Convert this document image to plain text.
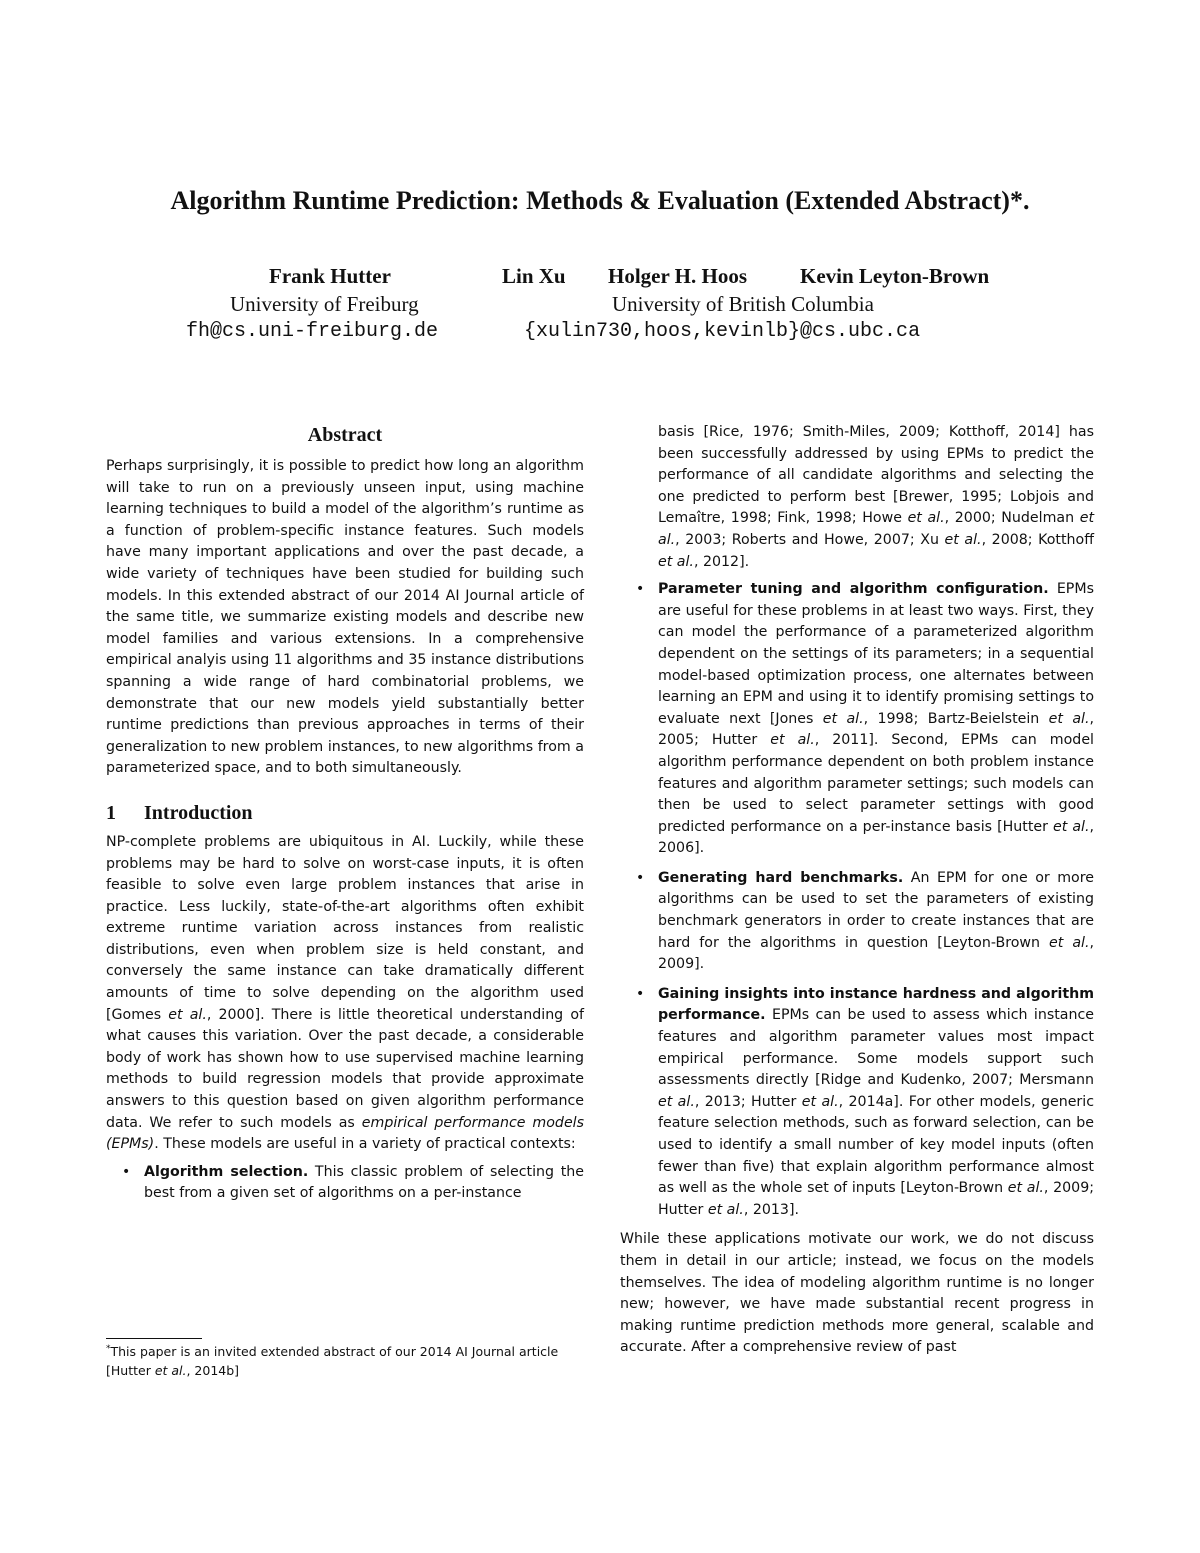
Algorithm Runtime Prediction: Methods & Evaluation (Extended Abstract)*.
Frank Hutter	Lin Xu Holger H. Hoos	Kevin Leyton-Brown
University of Freiburg	University of British Columbia
fh@cs.uni-freiburg.de	{xulin730,hoos,kevinlb}@cs.ubc.ca
Abstract

Perhaps surprisingly, it is possible to predict how long an algorithm will take to run on a previously unseen input, using machine learning techniques to build a model of the algorithm’s runtime as a function of problem-specific instance features. Such models have many important applications and over the past decade, a wide variety of techniques have been studied for building such models. In this extended abstract of our 2014 AI Journal article of the same title, we summarize existing models and describe new model families and various extensions. In a comprehensive empirical analyis using 11 algorithms and 35 instance distributions spanning a wide range of hard combinatorial problems, we demonstrate that our new models yield substantially better runtime predictions than previous approaches in terms of their generalization to new problem instances, to new algorithms from a parameterized space, and to both simultaneously.

1 Introduction

NP-complete problems are ubiquitous in AI. Luckily, while these problems may be hard to solve on worst-case inputs, it is often feasible to solve even large problem instances that arise in practice. Less luckily, state-of-the-art algorithms often exhibit extreme runtime variation across instances from realistic distributions, even when problem size is held constant, and conversely the same instance can take dramatically different amounts of time to solve depending on the algorithm used [Gomes et al., 2000]. There is little theoretical understanding of what causes this variation. Over the past decade, a considerable body of work has shown how to use supervised machine learning methods to build regression models that provide approximate answers to this question based on given algorithm performance data. We refer to such models as empirical performance models (EPMs). These models are useful in a variety of practical contexts:

• Algorithm selection. This classic problem of selecting the best from a given set of algorithms on a per-instance
*This paper is an invited extended abstract of our 2014 AI Journal article [Hutter et al., 2014b]

basis [Rice, 1976; Smith-Miles, 2009; Kotthoff, 2014] has been successfully addressed by using EPMs to predict the performance of all candidate algorithms and selecting the one predicted to perform best [Brewer, 1995; Lobjois and Lemaître, 1998; Fink, 1998; Howe et al., 2000; Nudelman et al., 2003; Roberts and Howe, 2007; Xu et al., 2008; Kotthoff et al., 2012].

• Parameter tuning and algorithm configuration. EPMs are useful for these problems in at least two ways. First, they can model the performance of a parameterized algorithm dependent on the settings of its parameters; in a sequential model-based optimization process, one alternates between learning an EPM and using it to identify promising settings to evaluate next [Jones et al., 1998; Bartz-Beielstein et al., 2005; Hutter et al., 2011]. Second, EPMs can model algorithm performance dependent on both problem instance features and algorithm parameter settings; such models can then be used to select parameter settings with good predicted performance on a per-instance basis [Hutter et al., 2006].
• Generating hard benchmarks. An EPM for one or more algorithms can be used to set the parameters of existing benchmark generators in order to create instances that are hard for the algorithms in question [Leyton-Brown et al., 2009].
• Gaining insights into instance hardness and algorithm performance. EPMs can be used to assess which instance features and algorithm parameter values most impact empirical performance. Some models support such assessments directly [Ridge and Kudenko, 2007; Mersmann et al., 2013; Hutter et al., 2014a]. For other models, generic feature selection methods, such as forward selection, can be used to identify a small number of key model inputs (often fewer than five) that explain algorithm performance almost as well as the whole set of inputs [Leyton-Brown et al., 2009; Hutter et al., 2013].

While these applications motivate our work, we do not discuss them in detail in our article; instead, we focus on the models themselves. The idea of modeling algorithm runtime is no longer new; however, we have made substantial recent progress in making runtime prediction methods more general, scalable and accurate. After a comprehensive review of past
